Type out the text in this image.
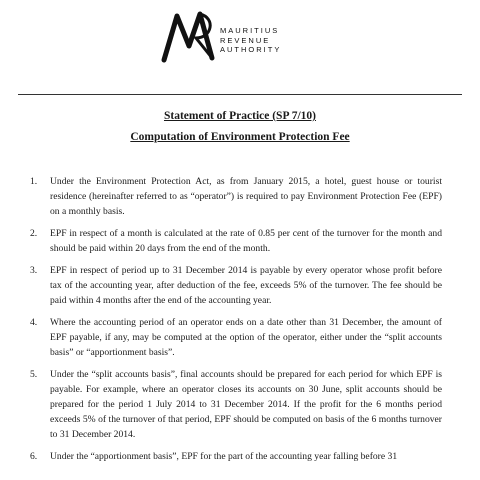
MAURITIUS
REVENUE
AUTHORITY
Statement of Practice (SP 7/10)
Computation of Environment Protection Fee
1. Under the Environment Protection Act, as from January 2015, a hotel, guest house or tourist residence (hereinafter referred to as “operator”) is required to pay Environment Protection Fee (EPF) on a monthly basis.
2. EPF in respect of a month is calculated at the rate of 0.85 per cent of the turnover for the month and should be paid within 20 days from the end of the month.
3. EPF in respect of period up to 31 December 2014 is payable by every operator whose profit before tax of the accounting year, after deduction of the fee, exceeds 5% of the turnover. The fee should be paid within 4 months after the end of the accounting year.
4. Where the accounting period of an operator ends on a date other than 31 December, the amount of EPF payable, if any, may be computed at the option of the operator, either under the “split accounts basis” or “apportionment basis”.
5. Under the “split accounts basis”, final accounts should be prepared for each period for which EPF is payable. For example, where an operator closes its accounts on 30 June, split accounts should be prepared for the period 1 July 2014 to 31 December 2014. If the profit for the 6 months period exceeds 5% of the turnover of that period, EPF should be computed on basis of the 6 months turnover to 31 December 2014.
6. Under the “apportionment basis”, EPF for the part of the accounting year falling before 31
